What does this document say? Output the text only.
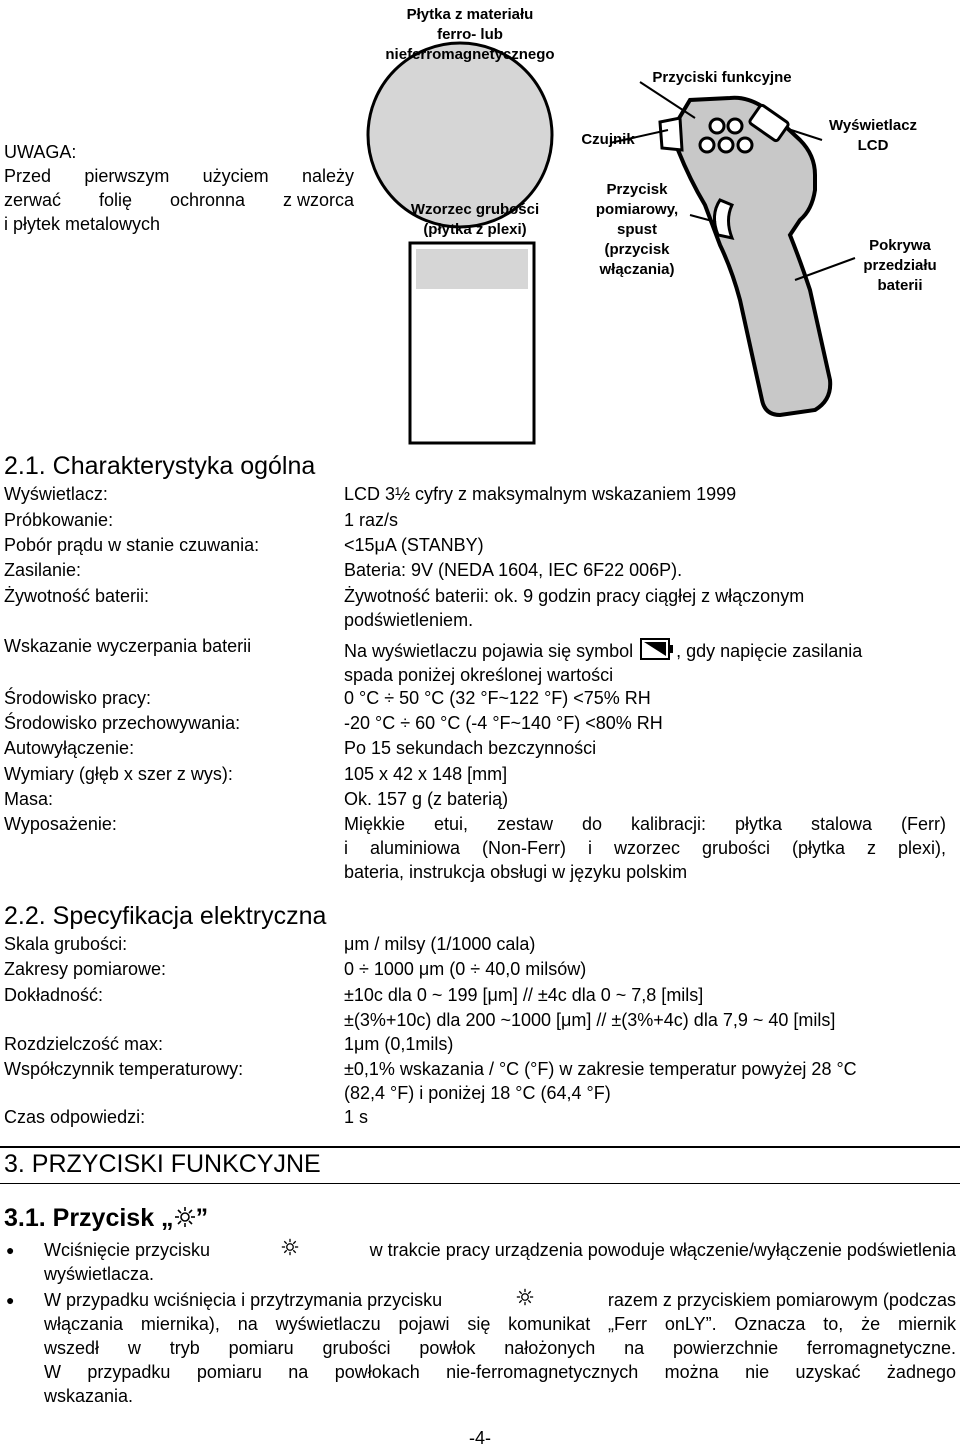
UWAGA:
Przed pierwszym użyciem należy
zerwać folię ochronna z wzorca
i płytek metalowych
Płytka z materiału
ferro- lub
nieferromagnetycznego
Wzorzec grubości
(płytka z plexi)
Przyciski funkcyjne
Czujnik
Wyświetlacz
LCD
Przycisk
pomiarowy,
spust
(przycisk
włączania)
Pokrywa
przedziału
baterii
2.1. Charakterystyka ogólna
Wyświetlacz:	LCD 3½ cyfry z maksymalnym wskazaniem 1999
Próbkowanie:	1 raz/s
Pobór prądu w stanie czuwania:	<15μA (STANBY)
Zasilanie:	Bateria: 9V (NEDA 1604, IEC 6F22 006P).
Żywotność baterii:	Żywotność baterii: ok. 9 godzin pracy ciągłej z włączonym podświetleniem.
Wskazanie wyczerpania baterii	Na wyświetlaczu pojawia się symbol , gdy napięcie zasilania
spada poniżej określonej wartości
Środowisko pracy:	0 °C ÷ 50 °C (32 °F~122 °F) <75% RH
Środowisko przechowywania:	-20 °C ÷ 60 °C (-4 °F~140 °F) <80% RH
Autowyłączenie:	Po 15 sekundach bezczynności
Wymiary (głęb x szer z wys):	105 x 42 x 148 [mm]
Masa:	Ok. 157 g (z baterią)
Wyposażenie:	Miękkie etui, zestaw do kalibracji: płytka stalowa (Ferr)
i aluminiowa (Non-Ferr) i wzorzec grubości (płytka z plexi),
bateria, instrukcja obsługi w języku polskim
2.2. Specyfikacja elektryczna
Skala grubości:	μm / milsy (1/1000 cala)
Zakresy pomiarowe:	0 ÷ 1000 μm (0 ÷ 40,0 milsów)
Dokładność:	±10c dla 0 ~ 199 [μm] // ±4c dla 0 ~ 7,8 [mils]
±(3%+10c) dla 200 ~1000 [μm] // ±(3%+4c) dla 7,9 ~ 40 [mils]
Rozdzielczość max:	1μm (0,1mils)
Współczynnik temperaturowy:	±0,1% wskazania / °C (°F) w zakresie temperatur powyżej 28 °C
(82,4 °F) i poniżej 18 °C (64,4 °F)
Czas odpowiedzi:	1 s
3. PRZYCISKI FUNKCYJNE
3.1. Przycisk „ ”
● Wciśnięcie przycisku	w trakcie pracy urządzenia powoduje włączenie/wyłączenie podświetlenia
wyświetlacza.
● W przypadku wciśnięcia i przytrzymania przycisku	razem z przyciskiem pomiarowym (podczas
włączania miernika), na wyświetlaczu pojawi się komunikat „Ferr onLY”. Oznacza to, że miernik
wszedł w tryb pomiaru grubości powłok nałożonych na powierzchnie ferromagnetyczne.
W przypadku pomiaru na powłokach nie-ferromagnetycznych można nie uzyskać żadnego
wskazania.
-4-
